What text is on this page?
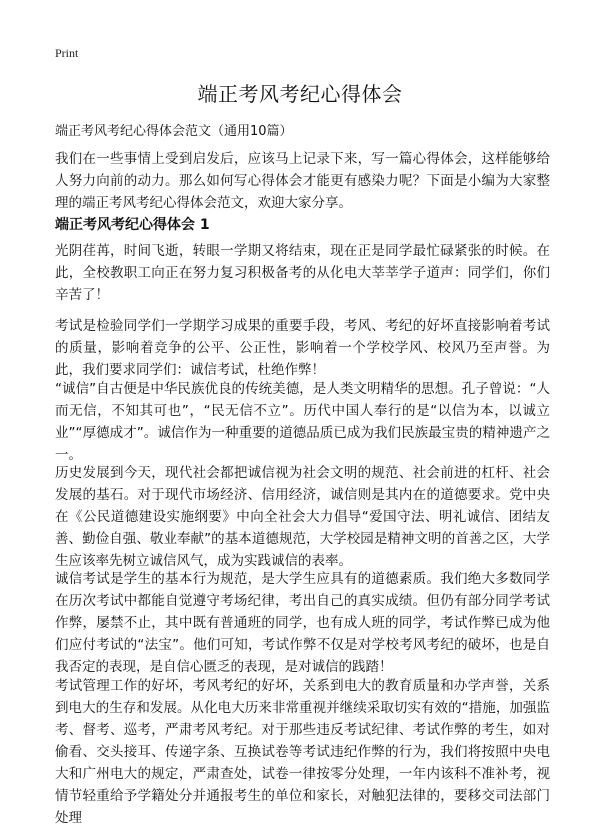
Print
端正考风考纪心得体会

端正考风考纪心得体会范文（通用10篇）

我们在一些事情上受到启发后，应该马上记录下来，写一篇心得体会，这样能够给人努力向前的动力。那么如何写心得体会才能更有感染力呢？下面是小编为大家整理的端正考风考纪心得体会范文，欢迎大家分享。

端正考风考纪心得体会 1

光阴荏苒，时间飞逝，转眼一学期又将结束，现在正是同学最忙碌紧张的时候。在此，全校教职工向正在努力复习积极备考的从化电大莘莘学子道声：同学们，你们辛苦了！

考试是检验同学们一学期学习成果的重要手段，考风、考纪的好坏直接影响着考试的质量，影响着竞争的公平、公正性，影响着一个学校学风、校风乃至声誉。为此，我们要求同学们：诚信考试，杜绝作弊！

“诚信”自古便是中华民族优良的传统美德，是人类文明精华的思想。孔子曾说：“人而无信，不知其可也”，“民无信不立”。历代中国人奉行的是“以信为本，以诚立业”“厚德成才”。诚信作为一种重要的道德品质已成为我们民族最宝贵的精神遗产之一。

历史发展到今天，现代社会都把诚信视为社会文明的规范、社会前进的杠杆、社会发展的基石。对于现代市场经济、信用经济，诚信则是其内在的道德要求。党中央在《公民道德建设实施纲要》中向全社会大力倡导“爱国守法、明礼诚信、团结友善、勤俭自强、敬业奉献”的基本道德规范，大学校园是精神文明的首善之区，大学生应该率先树立诚信风气，成为实践诚信的表率。

诚信考试是学生的基本行为规范，是大学生应具有的道德素质。我们绝大多数同学在历次考试中都能自觉遵守考场纪律，考出自己的真实成绩。但仍有部分同学考试作弊，屡禁不止，其中既有普通班的同学，也有成人班的同学，考试作弊已成为他们应付考试的“法宝”。他们可知，考试作弊不仅是对学校考风考纪的破坏，也是自我否定的表现，是自信心匮乏的表现，是对诚信的践踏！

考试管理工作的好坏，考风考纪的好坏，关系到电大的教育质量和办学声誉，关系到电大的生存和发展。从化电大历来非常重视并继续采取切实有效的“措施，加强监考、督考、巡考，严肃考风考纪。对于那些违反考试纪律、考试作弊的考生，如对偷看、交头接耳、传递字条、互换试卷等考试违纪作弊的行为，我们将按照中央电大和广州电大的规定，严肃查处，试卷一律按零分处理，一年内该科不准补考，视情节轻重给予学籍处分并通报考生的单位和家长，对触犯法律的，要移交司法部门处理
